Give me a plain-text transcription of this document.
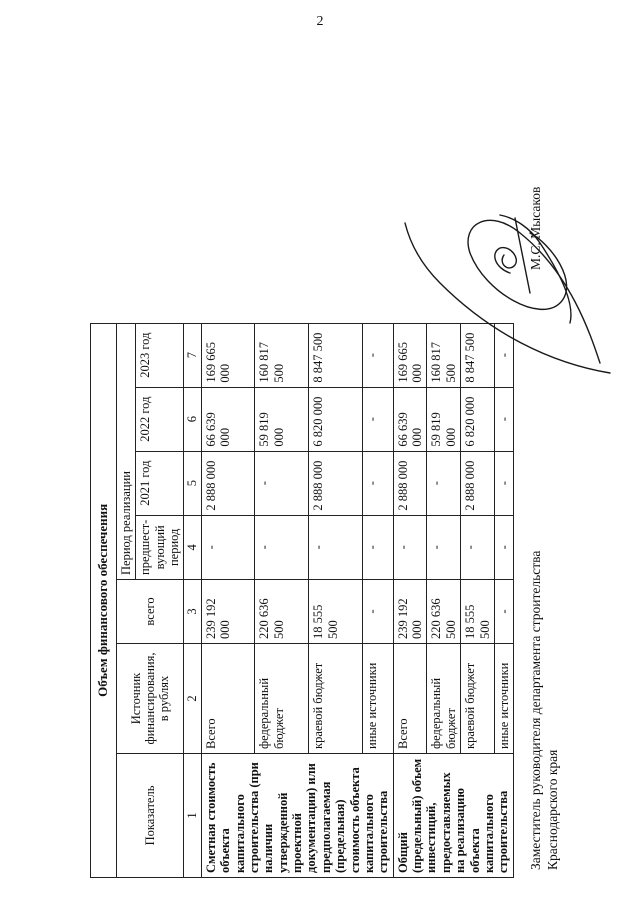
2
Объем финансового обеспечения						
Показатель	Источник финансирования, в рублях	всего	Период реализации			
			предшест-вующий период	2021 год	2022 год	2023 год
1	2	3	4	5	6	7
Сметная стоимость объекта капитального строительства (при наличии утвержденной проектной документации) или предполагаемая (предельная) стоимость объекта капитального строительства	Всего	239 192 000	-	2 888 000	66 639 000	169 665 000
	федеральный бюджет	220 636 500	-	-	59 819 000	160 817 500
	краевой бюджет	18 555 500	-	2 888 000	6 820 000	8 847 500
	иные источники	-	-	-	-	-
Общий (предельный) объем инвестиций, предоставляемых на реализацию объекта капитального строительства	Всего	239 192 000	-	2 888 000	66 639 000	169 665 000
	федеральный бюджет	220 636 500	-	-	59 819 000	160 817 500
	краевой бюджет	18 555 500	-	2 888 000	6 820 000	8 847 500
	иные источники	-	-	-	-	-
Заместитель руководителя департамента строительства Краснодарского края
М.С. Мысаков
